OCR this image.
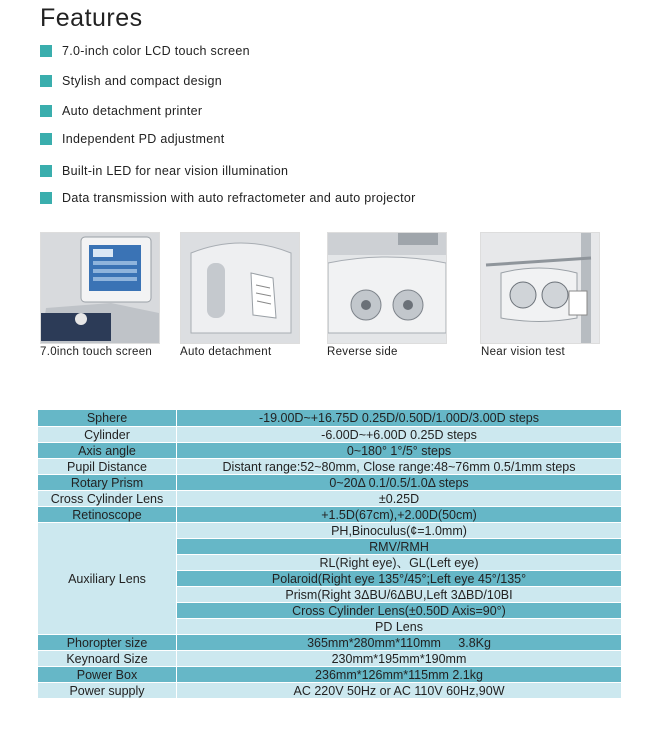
Features
7.0-inch color LCD touch screen
Stylish and compact design
Auto detachment printer
Independent PD adjustment
Built-in LED for near vision illumination
Data transmission with auto refractometer and auto projector
7.0inch touch screen Auto detachment	Reverse side	Near vision test
Sphere	-19.00D~+16.75D 0.25D/0.50D/1.00D/3.00D steps
Cylinder	-6.00D~+6.00D 0.25D steps
Axis angle	0~180° 1°/5° steps
Pupil Distance	Distant range:52~80mm, Close range:48~76mm 0.5/1mm steps
Rotary Prism	0~20Δ 0.1/0.5/1.0Δ steps
Cross Cylinder Lens	±0.25D
Retinoscope	+1.5D(67cm),+2.00D(50cm)
Auxiliary Lens	PH,Binoculus(¢=1.0mm)
	RMV/RMH
	RL(Right eye)、GL(Left eye)
	Polaroid(Right eye 135°/45°;Left eye 45°/135°
	Prism(Right 3ΔBU/6ΔBU,Left 3ΔBD/10BI
	Cross Cylinder Lens(±0.50D Axis=90°)
	PD Lens
Phoropter size	365mm*280mm*110mm     3.8Kg
Keynoard Size	230mm*195mm*190mm
Power Box	236mm*126mm*115mm 2.1kg
Power supply	AC 220V 50Hz or AC 110V 60Hz,90W
